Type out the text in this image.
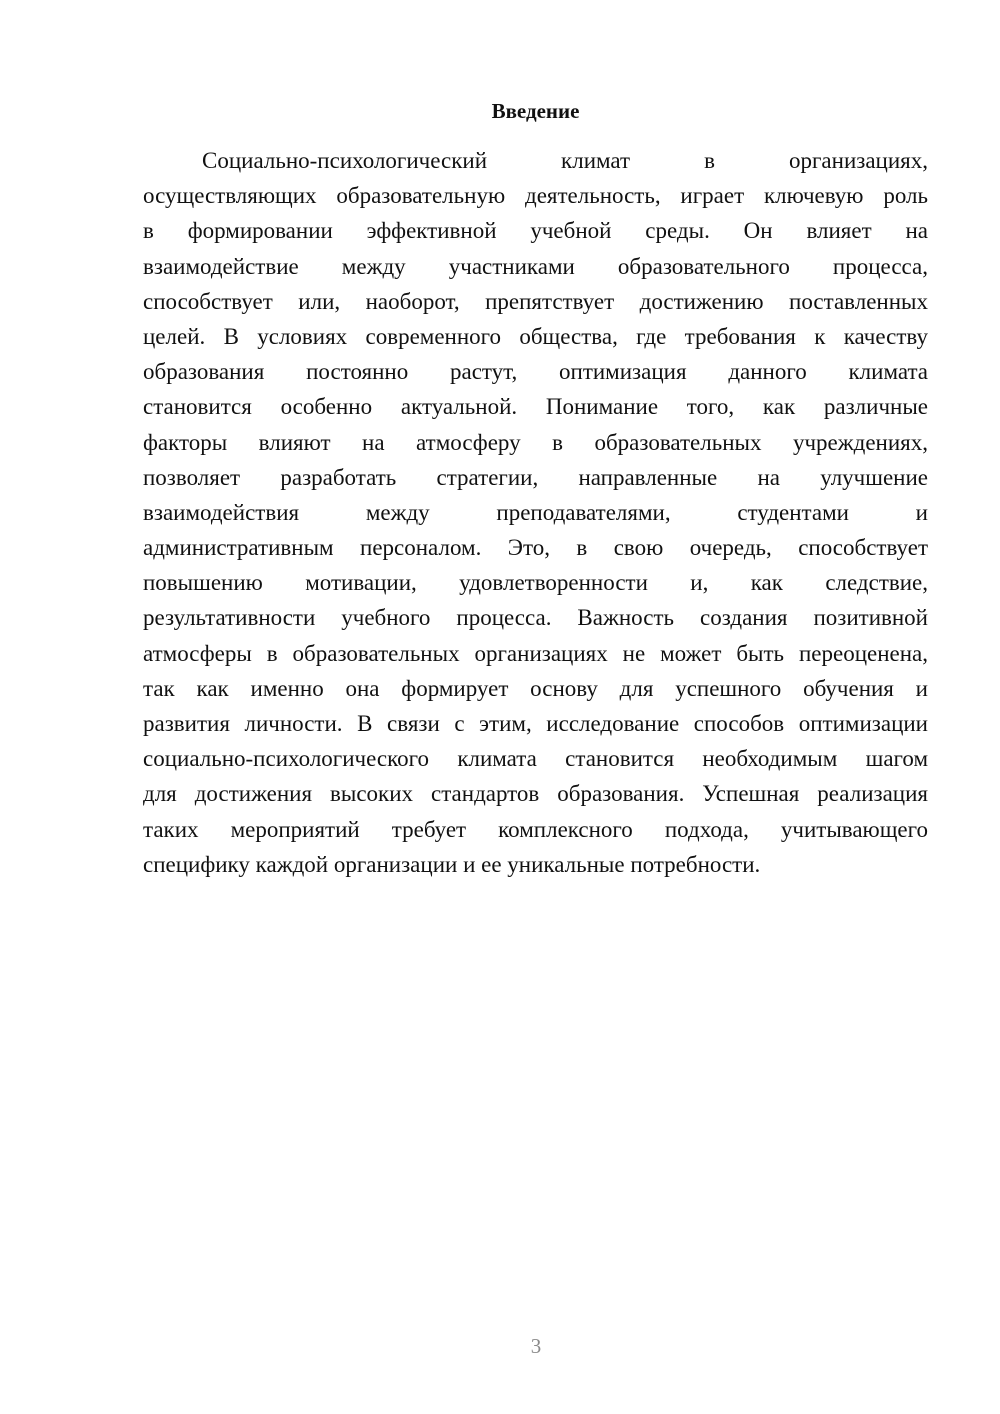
Введение
Социально-психологический климат в организациях,
осуществляющих образовательную деятельность, играет ключевую роль
в формировании эффективной учебной среды. Он влияет на
взаимодействие между участниками образовательного процесса,
способствует или, наоборот, препятствует достижению поставленных
целей. В условиях современного общества, где требования к качеству
образования постоянно растут, оптимизация данного климата
становится особенно актуальной. Понимание того, как различные
факторы влияют на атмосферу в образовательных учреждениях,
позволяет разработать стратегии, направленные на улучшение
взаимодействия между преподавателями, студентами и
административным персоналом. Это, в свою очередь, способствует
повышению мотивации, удовлетворенности и, как следствие,
результативности учебного процесса. Важность создания позитивной
атмосферы в образовательных организациях не может быть переоценена,
так как именно она формирует основу для успешного обучения и
развития личности. В связи с этим, исследование способов оптимизации
социально-психологического климата становится необходимым шагом
для достижения высоких стандартов образования. Успешная реализация
таких мероприятий требует комплексного подхода, учитывающего
специфику каждой организации и ее уникальные потребности.
3
